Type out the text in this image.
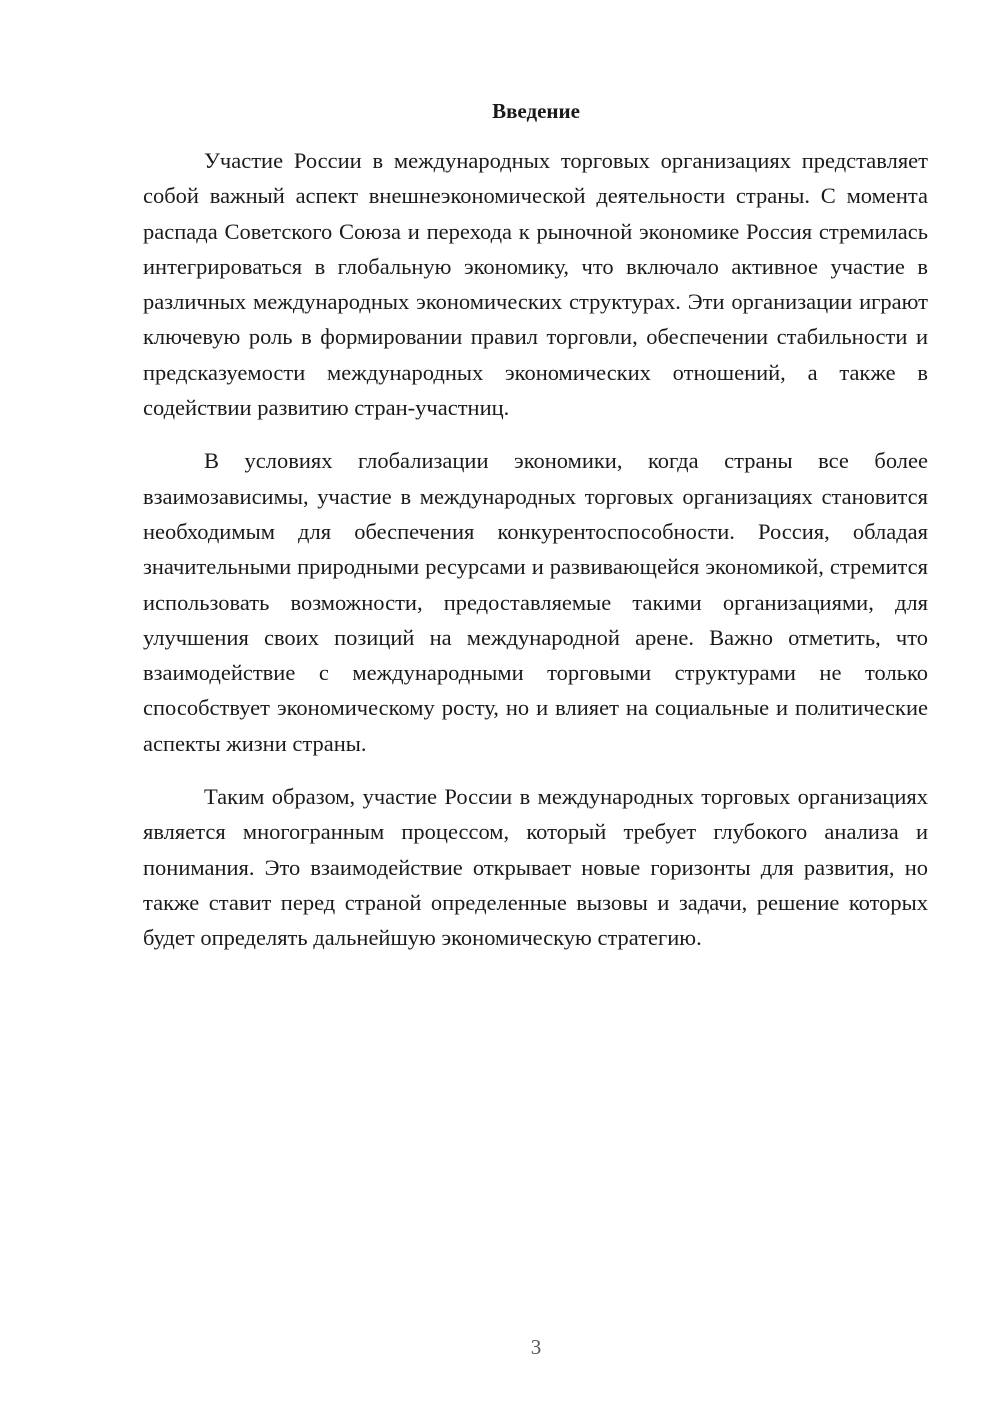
Введение

Участие России в международных торговых организациях представляет собой важный аспект внешнеэкономической деятельности страны. С момента распада Советского Союза и перехода к рыночной экономике Россия стремилась интегрироваться в глобальную экономику, что включало активное участие в различных международных экономических структурах. Эти организации играют ключевую роль в формировании правил торговли, обеспечении стабильности и предсказуемости международных экономических отношений, а также в содействии развитию стран-участниц.

В условиях глобализации экономики, когда страны все более взаимозависимы, участие в международных торговых организациях становится необходимым для обеспечения конкурентоспособности. Россия, обладая значительными природными ресурсами и развивающейся экономикой, стремится использовать возможности, предоставляемые такими организациями, для улучшения своих позиций на международной арене. Важно отметить, что взаимодействие с международными торговыми структурами не только способствует экономическому росту, но и влияет на социальные и политические аспекты жизни страны.

Таким образом, участие России в международных торговых организациях является многогранным процессом, который требует глубокого анализа и понимания. Это взаимодействие открывает новые горизонты для развития, но также ставит перед страной определенные вызовы и задачи, решение которых будет определять дальнейшую экономическую стратегию.

3
